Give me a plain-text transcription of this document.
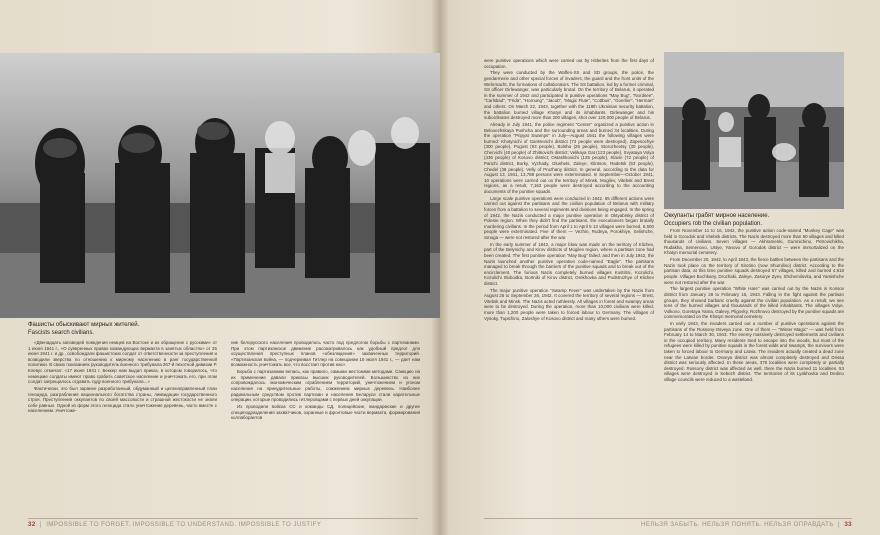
Фашисты обыскивают мирных жителей.
Fascists search civilians.

«Двенадцать заповедей поведения немцев на Востоке и их обращение с русскими» от 1 июня 1941 г., «О суверенных правах командующих вермахта в занятых областях» от 25 июня 1941 г. и др., освобождали фашистских солдат от ответственности за преступления и возводили зверства по отношению к мирному населению в ранг государственной политики. В своих показаниях руководитель военного трибунала 267-й пехотной дивизии Р. Клевус отмечал: «17 июня 1941 г. Беккер нам выдал приказ, в котором говорилось, что немецкие солдаты имеют право грабить советское население и уничтожать его, при этом солдат запрещалось отдавать суду военного трибунала...»

Фактически, это был заранее разработанный, обдуманный и целенаправленный план геноцида, разграбления национального богатства страны, ликвидации государственного строя. Преступления оккупантов по своей массовости и страшной жестокости не знали себе равных. Одной из форм этого геноцида стало уничтожение деревень, часто вместе с населением. Уничтоже-

ние белорусского населения проводилось часто под предлогом борьбы с партизанами. При этом партизанское движение рассматривалось как удобный предлог для осуществления преступных планов «обезлюдения» захваченных территорий. «Партизанская война, — подчеркивал Гитлер на совещании 16 июля 1941 г., — дает нам возможность уничтожать все, что восстает против нас».

Борьба с партизанами велась, как правило, самыми жестокими методами. Санкцию на их применение давали приказы высших руководителей. Большинство из них сопровождалось экономическим ограблением территорий, уничтожением и угоном населения на принудительные работы, сожжением мирных деревень. Наиболее радикальным средством против партизан и населения Беларуси стали карательные операции, которые проводились гитлеровцами с первых дней оккупации.

Их проводили войска СС и команды СД, полицейские, жандармские и другие специподразделения захватчиков, охранные и фронтовые части вермахта, формирования коллаборантов

32  |  IMPOSSIBLE TO FORGET. IMPOSSIBLE TO UNDERSTAND. IMPOSSIBLE TO JUSTIFY

were punitive operations which were carried out by Hitlerites from the first days of occupation.

They were conducted by the Waffen-SS and SD groups, the police, the gendarmerie and other special forces of invaders, the guard and the front units of the Wehrmacht, the formations of collaborators. The SS battalion, led by a former criminal, SS officer Dirlewanger, was particularly brutal. On the territory of Belarus, it operated in the summer of 1942 and participated in punitive operations "May Bug", "Nordsee", "Carlsbad", "Frida", "Hornung", "Jacob", "Magic Flute", "Cottbus", "Goerlier", "Herman" and others. On March 22, 1943, together with the 118th Ukrainian security battalion, the battalion burned village Khatyn and its inhabitants. Dirlewanger and his subordinates destroyed more than 200 villages, shot over 120,000 people of Belarus.

Already in July 1941, the police regiment "Center" organized a punitive action in Belovezhskaya Pushcha and the surrounding areas and burned 34 localities. During the operation "Pripyat Swamps" in July—August 1941 the following villages were burned: Khotynichi of Gantsevichi district (73 people were destroyed), Zapesochye (300 people), Pogost (93 people), Bolsha (25 people), Storozhevtsy (30 people), Chervichi (40 people) of Zhitkovichi district; Velikaya Gat (123 people), Svyataya Volya (436 people) of Kosovo district; Ostashkovichi (125 people), Slavin (72 people) of Parichi district, Borky, Vyzhady, Glushets, Zaleye, Klintson, Radetsk (53 people), Chedel (38 people), Velly of Pruzhany district. In general, according to the data for August 13, 1941, 13,788 persons were exterminated. In September—October 1941, 10 operations were carried out on the territory of Minsk, Mogilev, Vitebsk and Brest regions, as a result, 7,162 people were destroyed according to the accounting documents of the punitive squads.

Large scale punitive operations were conducted in 1942. 65 different actions were carried out against the partisans and the civilian population of Belarus with military forces from a battalion to several regiments and divisions being engaged. In the spring of 1942, the Nazis conducted a major punitive operation in Oktyabrsky district of Polesie region. When they didn't find the partisans, the executioners began brutally murdering civilians. In the period from April 1 to April 5 13 villages were burned, 6,500 people were exterminated. Five of them — Vezhin, Rudnya, Porokhiye, Selishche, Smuga — were not restored after the war.

In the early summer of 1942, a major blow was made on the territory of Klichev, part of the Belynichy and Kirov districts of Mogilev region, where a partisan zone had been created. The first punitive operation "May Bug" failed, and then in July 1942, the Nazis launched another punitive operation code-named "Eagle". The partisans managed to break through the barriers of the punitive squads and to break out of the encirclement. The furious Nazis completely burned villages Kostritsi, Kozulichi, Kozulichi Slobodka, Bortniki of Kirov district, Orekhovka and Podstruzhye of Klichev district.

The major punitive operation "Swamp Fever" was undertaken by the Nazis from August 25 to September 26, 1942. It covered the territory of several regions — Brest, Vitebsk and Minsk. The Nazis acted ruthlessly. All villages in forest and swampy areas were to be destroyed. During the operation, more than 10,000 civilians were killed, more than 1,200 people were taken to forced labour to Germany. The villages of Vysoky, Tupichino, Zaloshye of Kosovo district and many others were burned.

Оккупанты грабят мирное население.
Occupiers rob the civilian population.

From November 11 to 16, 1942, the punitive action code-named "Monkey Cage" was held in Gorodok and Vitebsk districts. The Nazis destroyed more than 50 villages and killed thousands of civilians. Seven villages — Akhramenki, Gumnichino, Petrovichikha, Rudakha, Semenovo, Ustye, Yanovo of Gorodok district — were immortalized on the Khatyn memorial cemetery.

From December 20, 1942, to April 1943, the fierce battles between the partisans and the Nazis took place on the territory of Sirotino (now Shumilino) district. According to the partisan data, at this time punitive squads destroyed 57 villages, killed and burned 4,818 people. Villages Bochkany, Drozhaki, Zaleye, Zasorye Zyev, Shchemilovka, and Yamishche were not restored after the war.

The largest punitive operation "White Hare" was carried out by the Nazis in Kossov district from January 28 to February 15, 1943. Falling in the fight against the partisan groups, they showed barbaric cruelty against the civilian population. As a result, we see tens of the burned villages and thousands of the killed inhabitants. The villages Volye, Volkovo, Goretaya Yama, Galevy, Pligovky, Rozhnovo destroyed by the punitive squads are commemorated on the Khatyn memorial cemetery.

In early 1943, the invaders carried out a number of punitive operations against the partisans of the Rossony-Osveya zone. One of them — "Winter Magic" — was held from February 14 to March 30, 1943. The enemy massively destroyed settlements and civilians in the occupied territory. Many residents tried to escape into the woods, but most of the refugees were killed by punitive squads in the forest wilds and swamps, the survivors were taken to forced labour to Germany and Latvia. The invaders actually created a dead zone near the Latvian border. Osveya district was almost completely destroyed and Drissa district was seriously affected. In these areas, 376 localities were completely or partially destroyed. Rossony district was affected as well, there the Nazis burned 11 localities. 53 villages were destroyed in Sebezh district. The territories of its Lyakhovka and Dedino village councils were reduced to a wasteland.

НЕЛЬЗЯ ЗАБЫТЬ. НЕЛЬЗЯ ПОНЯТЬ. НЕЛЬЗЯ ОПРАВДАТЬ  |  33
